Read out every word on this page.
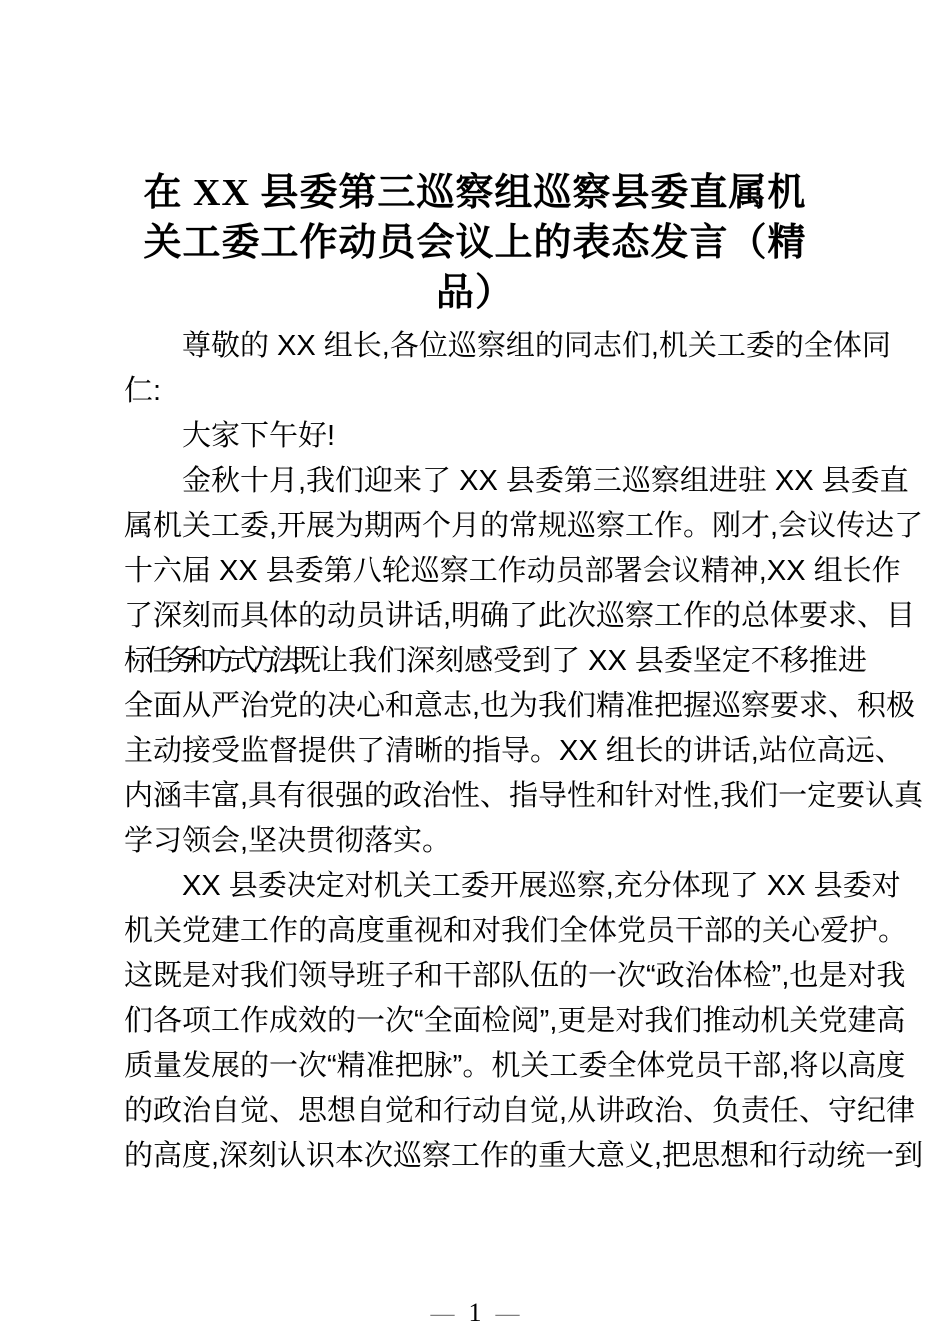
在 XX 县委第三巡察组巡察县委直属机
关工委工作动员会议上的表态发言（精
品）
尊敬的 XX 组长,各位巡察组的同志们,机关工委的全体同
仁:
大家下午好!
金秋十月,我们迎来了 XX 县委第三巡察组进驻 XX 县委直
属机关工委,开展为期两个月的常规巡察工作。刚才,会议传达了
十六届 XX 县委第八轮巡察工作动员部署会议精神,XX 组长作
了深刻而具体的动员讲话,明确了此次巡察工作的总体要求、目
标任务和方式方法,既 让我们深刻感受到了 XX 县委坚定不移推进
全面从严治党的决心和意志,也为我们精准把握巡察要求、积极
主动接受监督提供了清晰的指导。XX 组长的讲话,站位高远、
内涵丰富,具有很强的政治性、指导性和针对性,我们一定要认真
学习领会,坚决贯彻落实。
XX 县委决定对机关工委开展巡察,充分体现了 XX 县委对
机关党建工作的高度重视和对我们全体党员干部的关心爱护。
这既是对我们领导班子和干部队伍的一次“政治体检”,也是对我
们各项工作成效的一次“全面检阅”,更是对我们推动机关党建高
质量发展的一次“精准把脉”。机关工委全体党员干部,将以高度
的政治自觉、思想自觉和行动自觉,从讲政治、负责任、守纪律
的高度,深刻认识本次巡察工作的重大意义,把思想和行动统一到
— 1 —
